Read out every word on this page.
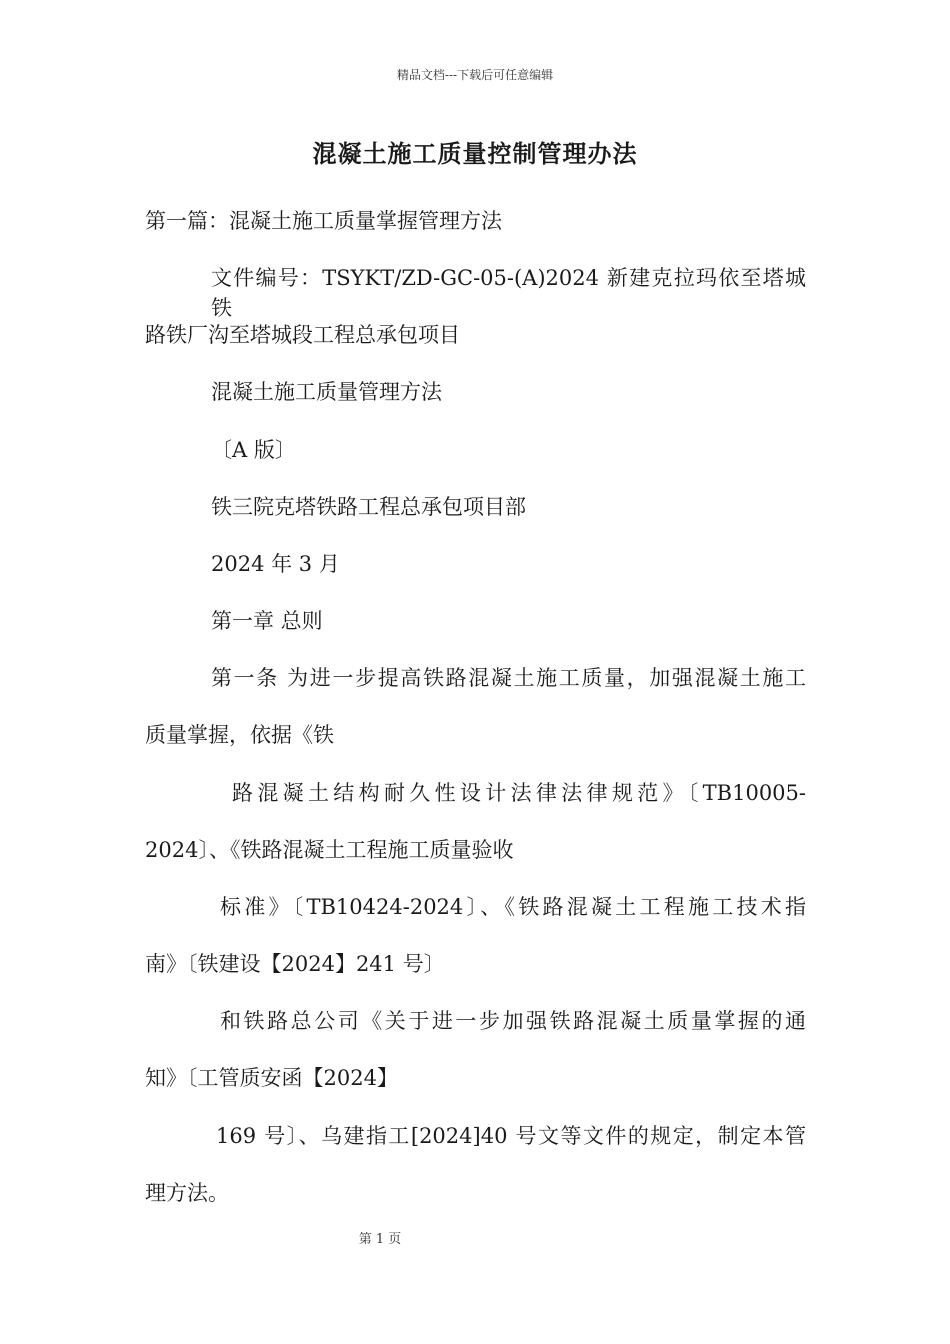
精品文档---下载后可任意编辑
混凝土施工质量控制管理办法
第一篇：混凝土施工质量掌握管理方法
文件编号：TSYKT/ZD-GC-05-(A)2024 新建克拉玛依至塔城铁
路铁厂沟至塔城段工程总承包项目
混凝土施工质量管理方法
〔A 版〕
铁三院克塔铁路工程总承包项目部
2024 年 3 月
第一章 总则
第一条 为进一步提高铁路混凝土施工质量，加强混凝土施工
质量掌握，依据《铁
路混凝土结构耐久性设计法律法律规范》〔TB10005-
2024〕、《铁路混凝土工程施工质量验收
标准》〔TB10424-2024〕、《铁路混凝土工程施工技术指
南》〔铁建设【2024】241 号〕
和铁路总公司《关于进一步加强铁路混凝土质量掌握的通
知》〔工管质安函【2024】
169 号〕、乌建指工[2024]40 号文等文件的规定，制定本管
理方法。
第 1 页
